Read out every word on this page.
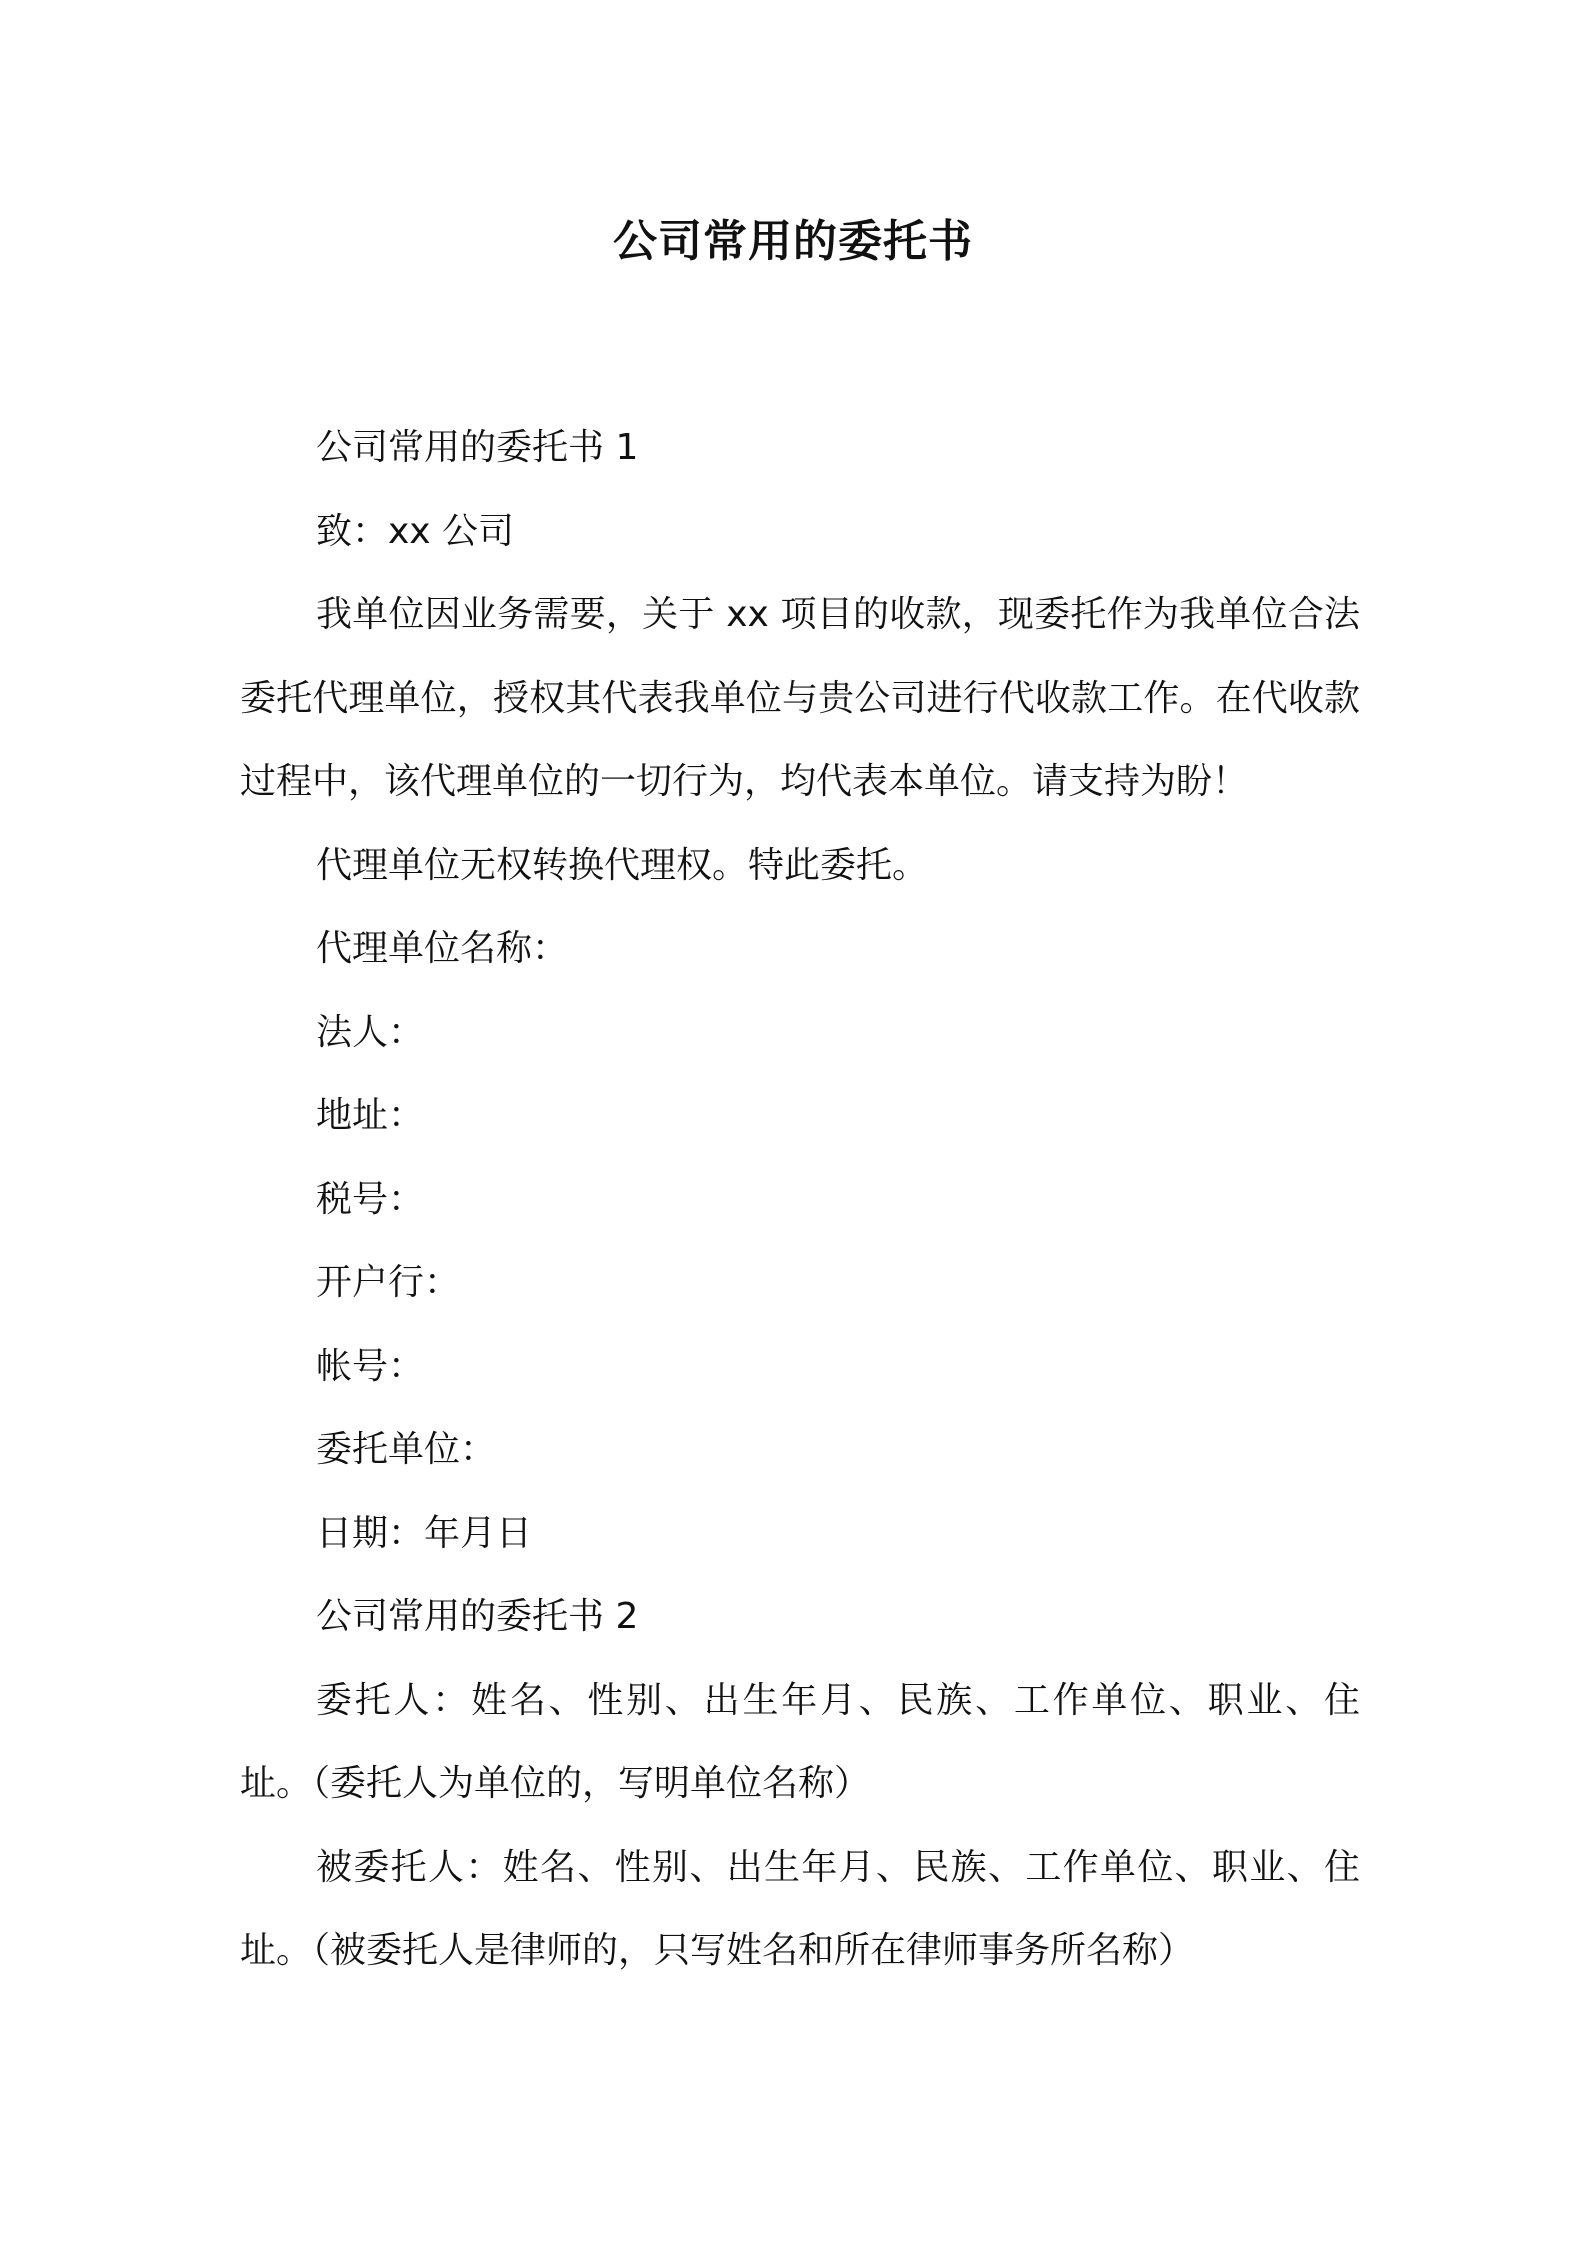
公司常用的委托书

公司常用的委托书 1

致：xx 公司

我单位因业务需要，关于 xx 项目的收款，现委托作为我单位合法委托代理单位，授权其代表我单位与贵公司进行代收款工作。在代收款过程中，该代理单位的一切行为，均代表本单位。请支持为盼！

代理单位无权转换代理权。特此委托。

代理单位名称：

法人：

地址：

税号：

开户行：

帐号：

委托单位：

日期：年月日

公司常用的委托书 2

委托人：姓名、性别、出生年月、民族、工作单位、职业、住址。（委托人为单位的，写明单位名称）

被委托人：姓名、性别、出生年月、民族、工作单位、职业、住址。（被委托人是律师的，只写姓名和所在律师事务所名称）
